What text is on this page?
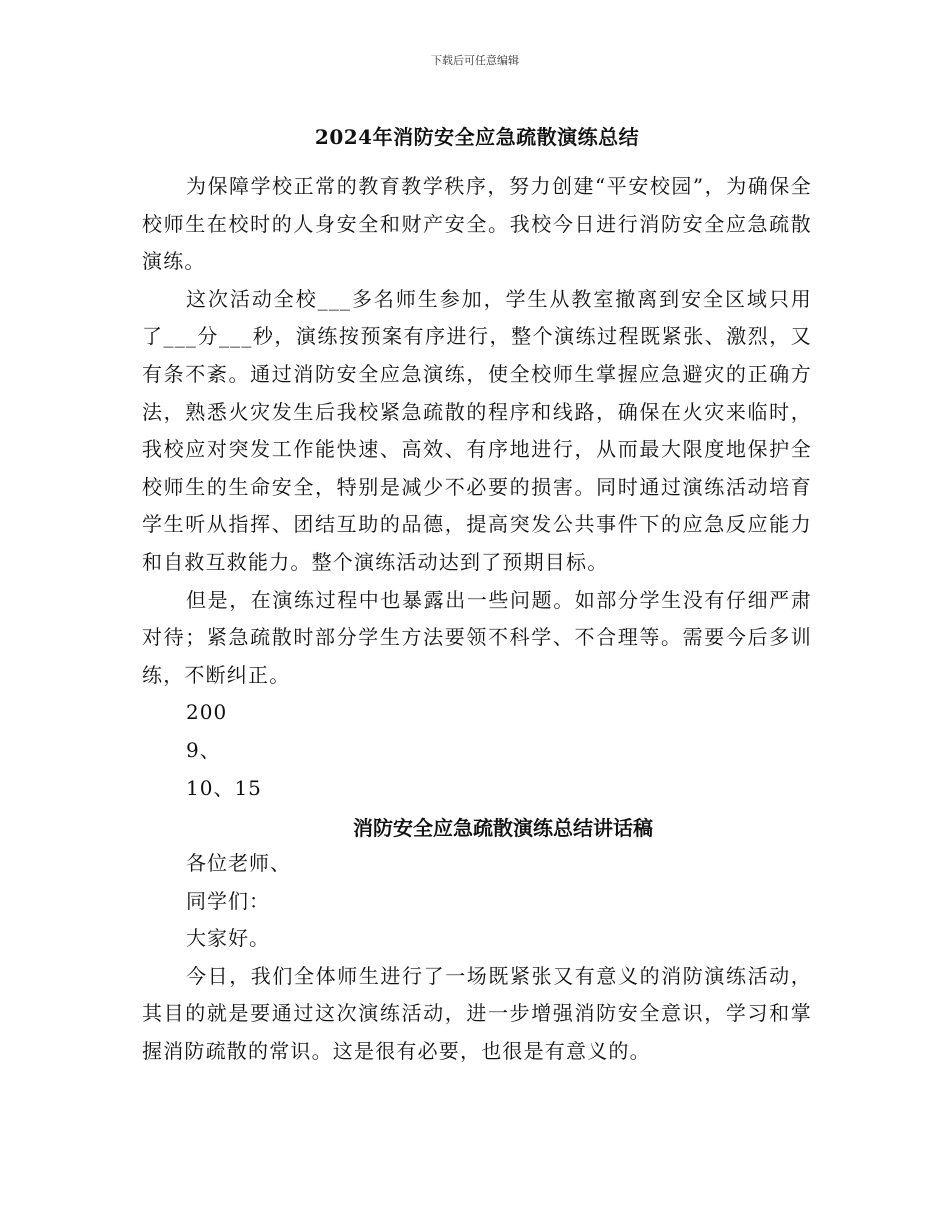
下载后可任意编辑
2024年消防安全应急疏散演练总结

为保障学校正常的教育教学秩序，努力创建“平安校园”，为确保全校师生在校时的人身安全和财产安全。我校今日进行消防安全应急疏散演练。

这次活动全校___多名师生参加，学生从教室撤离到安全区域只用了___分___秒，演练按预案有序进行，整个演练过程既紧张、激烈，又有条不紊。通过消防安全应急演练，使全校师生掌握应急避灾的正确方法，熟悉火灾发生后我校紧急疏散的程序和线路，确保在火灾来临时，我校应对突发工作能快速、高效、有序地进行，从而最大限度地保护全校师生的生命安全，特别是减少不必要的损害。同时通过演练活动培育学生听从指挥、团结互助的品德，提高突发公共事件下的应急反应能力和自救互救能力。整个演练活动达到了预期目标。

但是，在演练过程中也暴露出一些问题。如部分学生没有仔细严肃对待；紧急疏散时部分学生方法要领不科学、不合理等。需要今后多训练，不断纠正。

200

9、

10、15

消防安全应急疏散演练总结讲话稿

各位老师、

同学们：

大家好。

今日，我们全体师生进行了一场既紧张又有意义的消防演练活动，其目的就是要通过这次演练活动，进一步增强消防安全意识，学习和掌握消防疏散的常识。这是很有必要，也很是有意义的。
